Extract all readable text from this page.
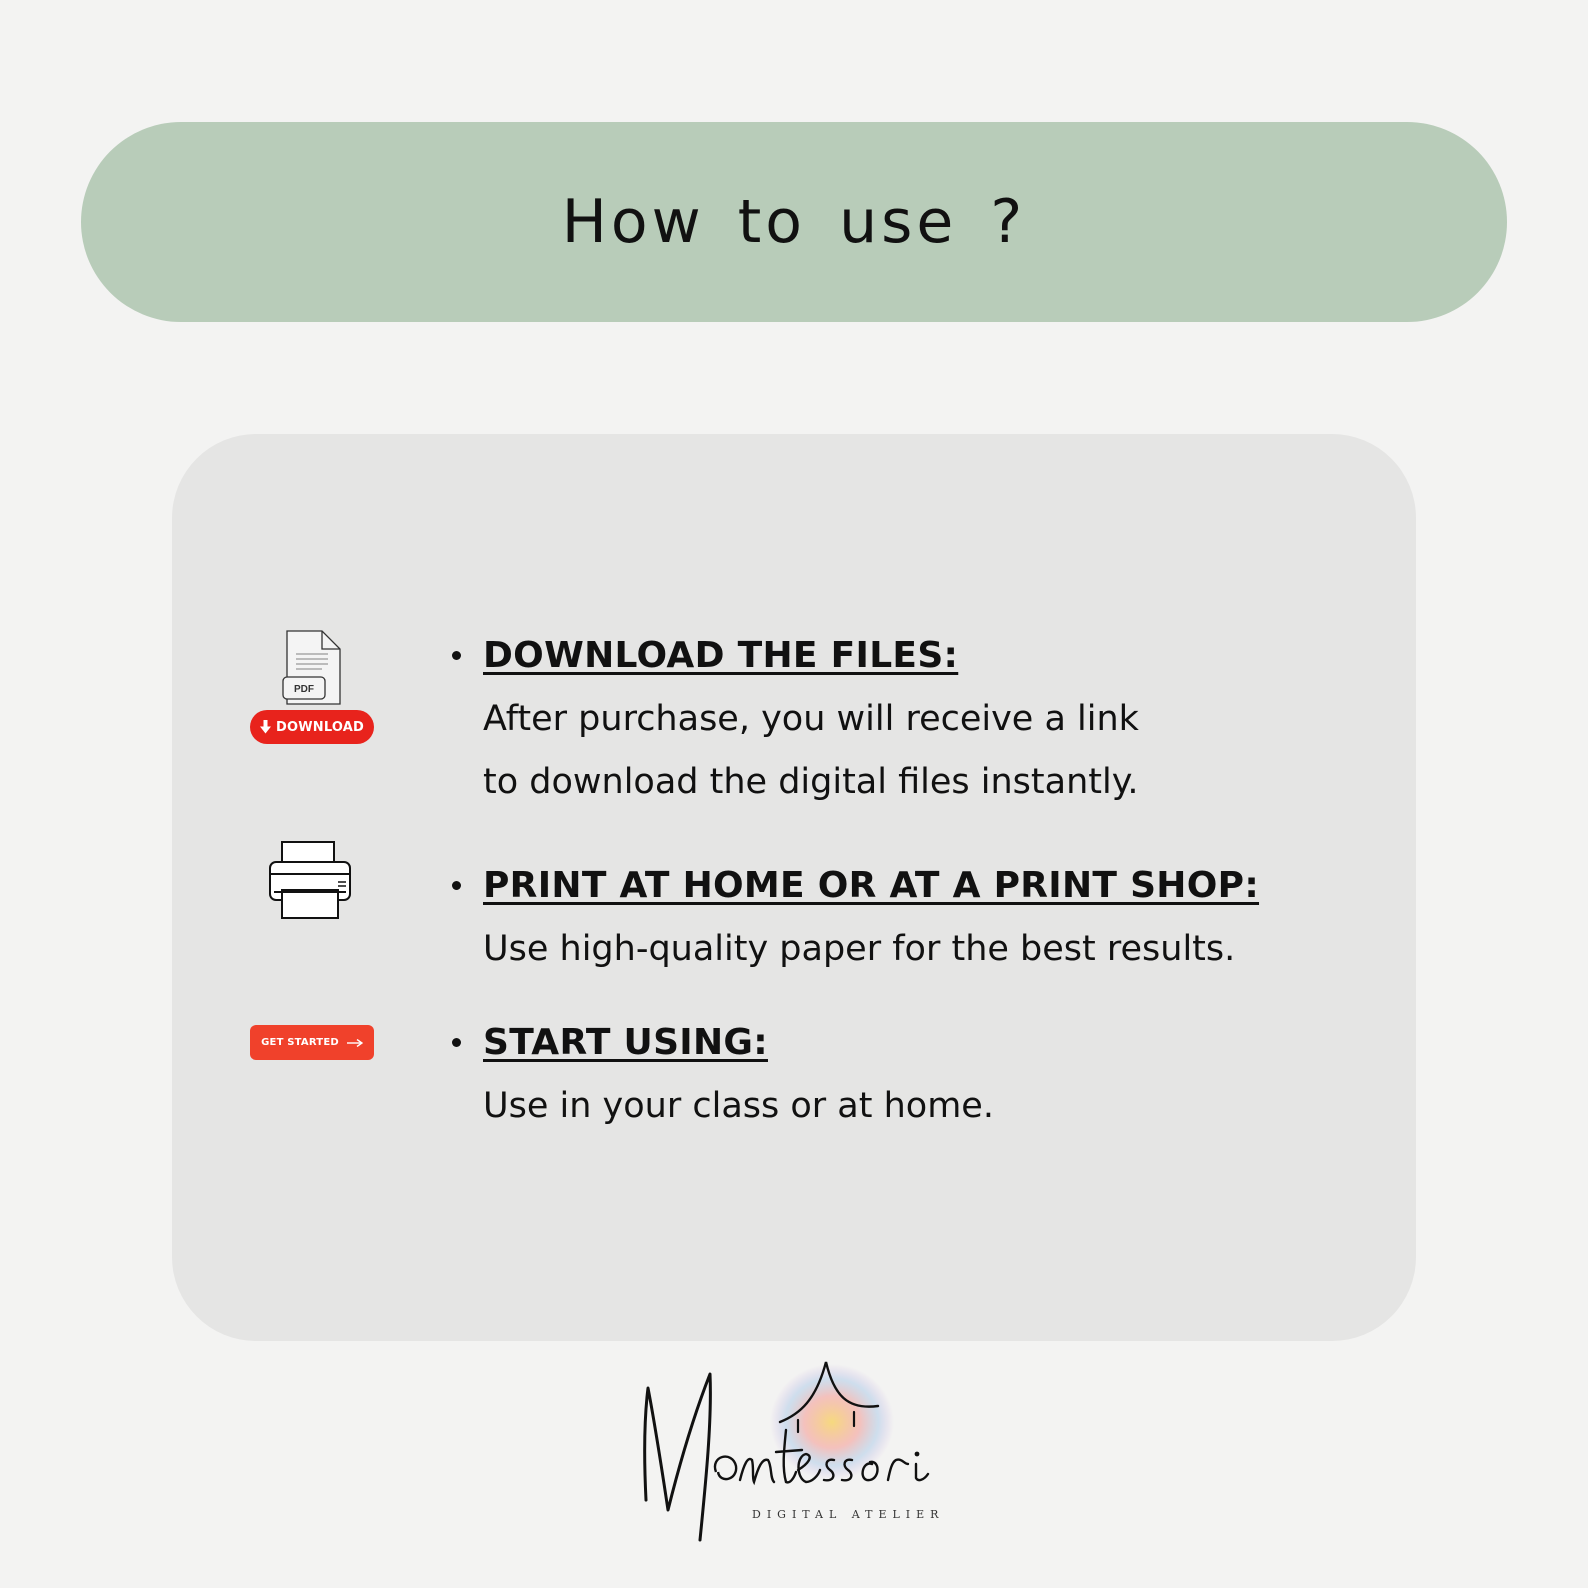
How to use ?
PDF
DOWNLOAD
DOWNLOAD THE FILES:
After purchase, you will receive a link
to download the digital files instantly.
PRINT AT HOME OR AT A PRINT SHOP:
Use high-quality paper for the best results.
GET STARTED	START USING:
Use in your class or at home.
DIGITAL ATELIER
